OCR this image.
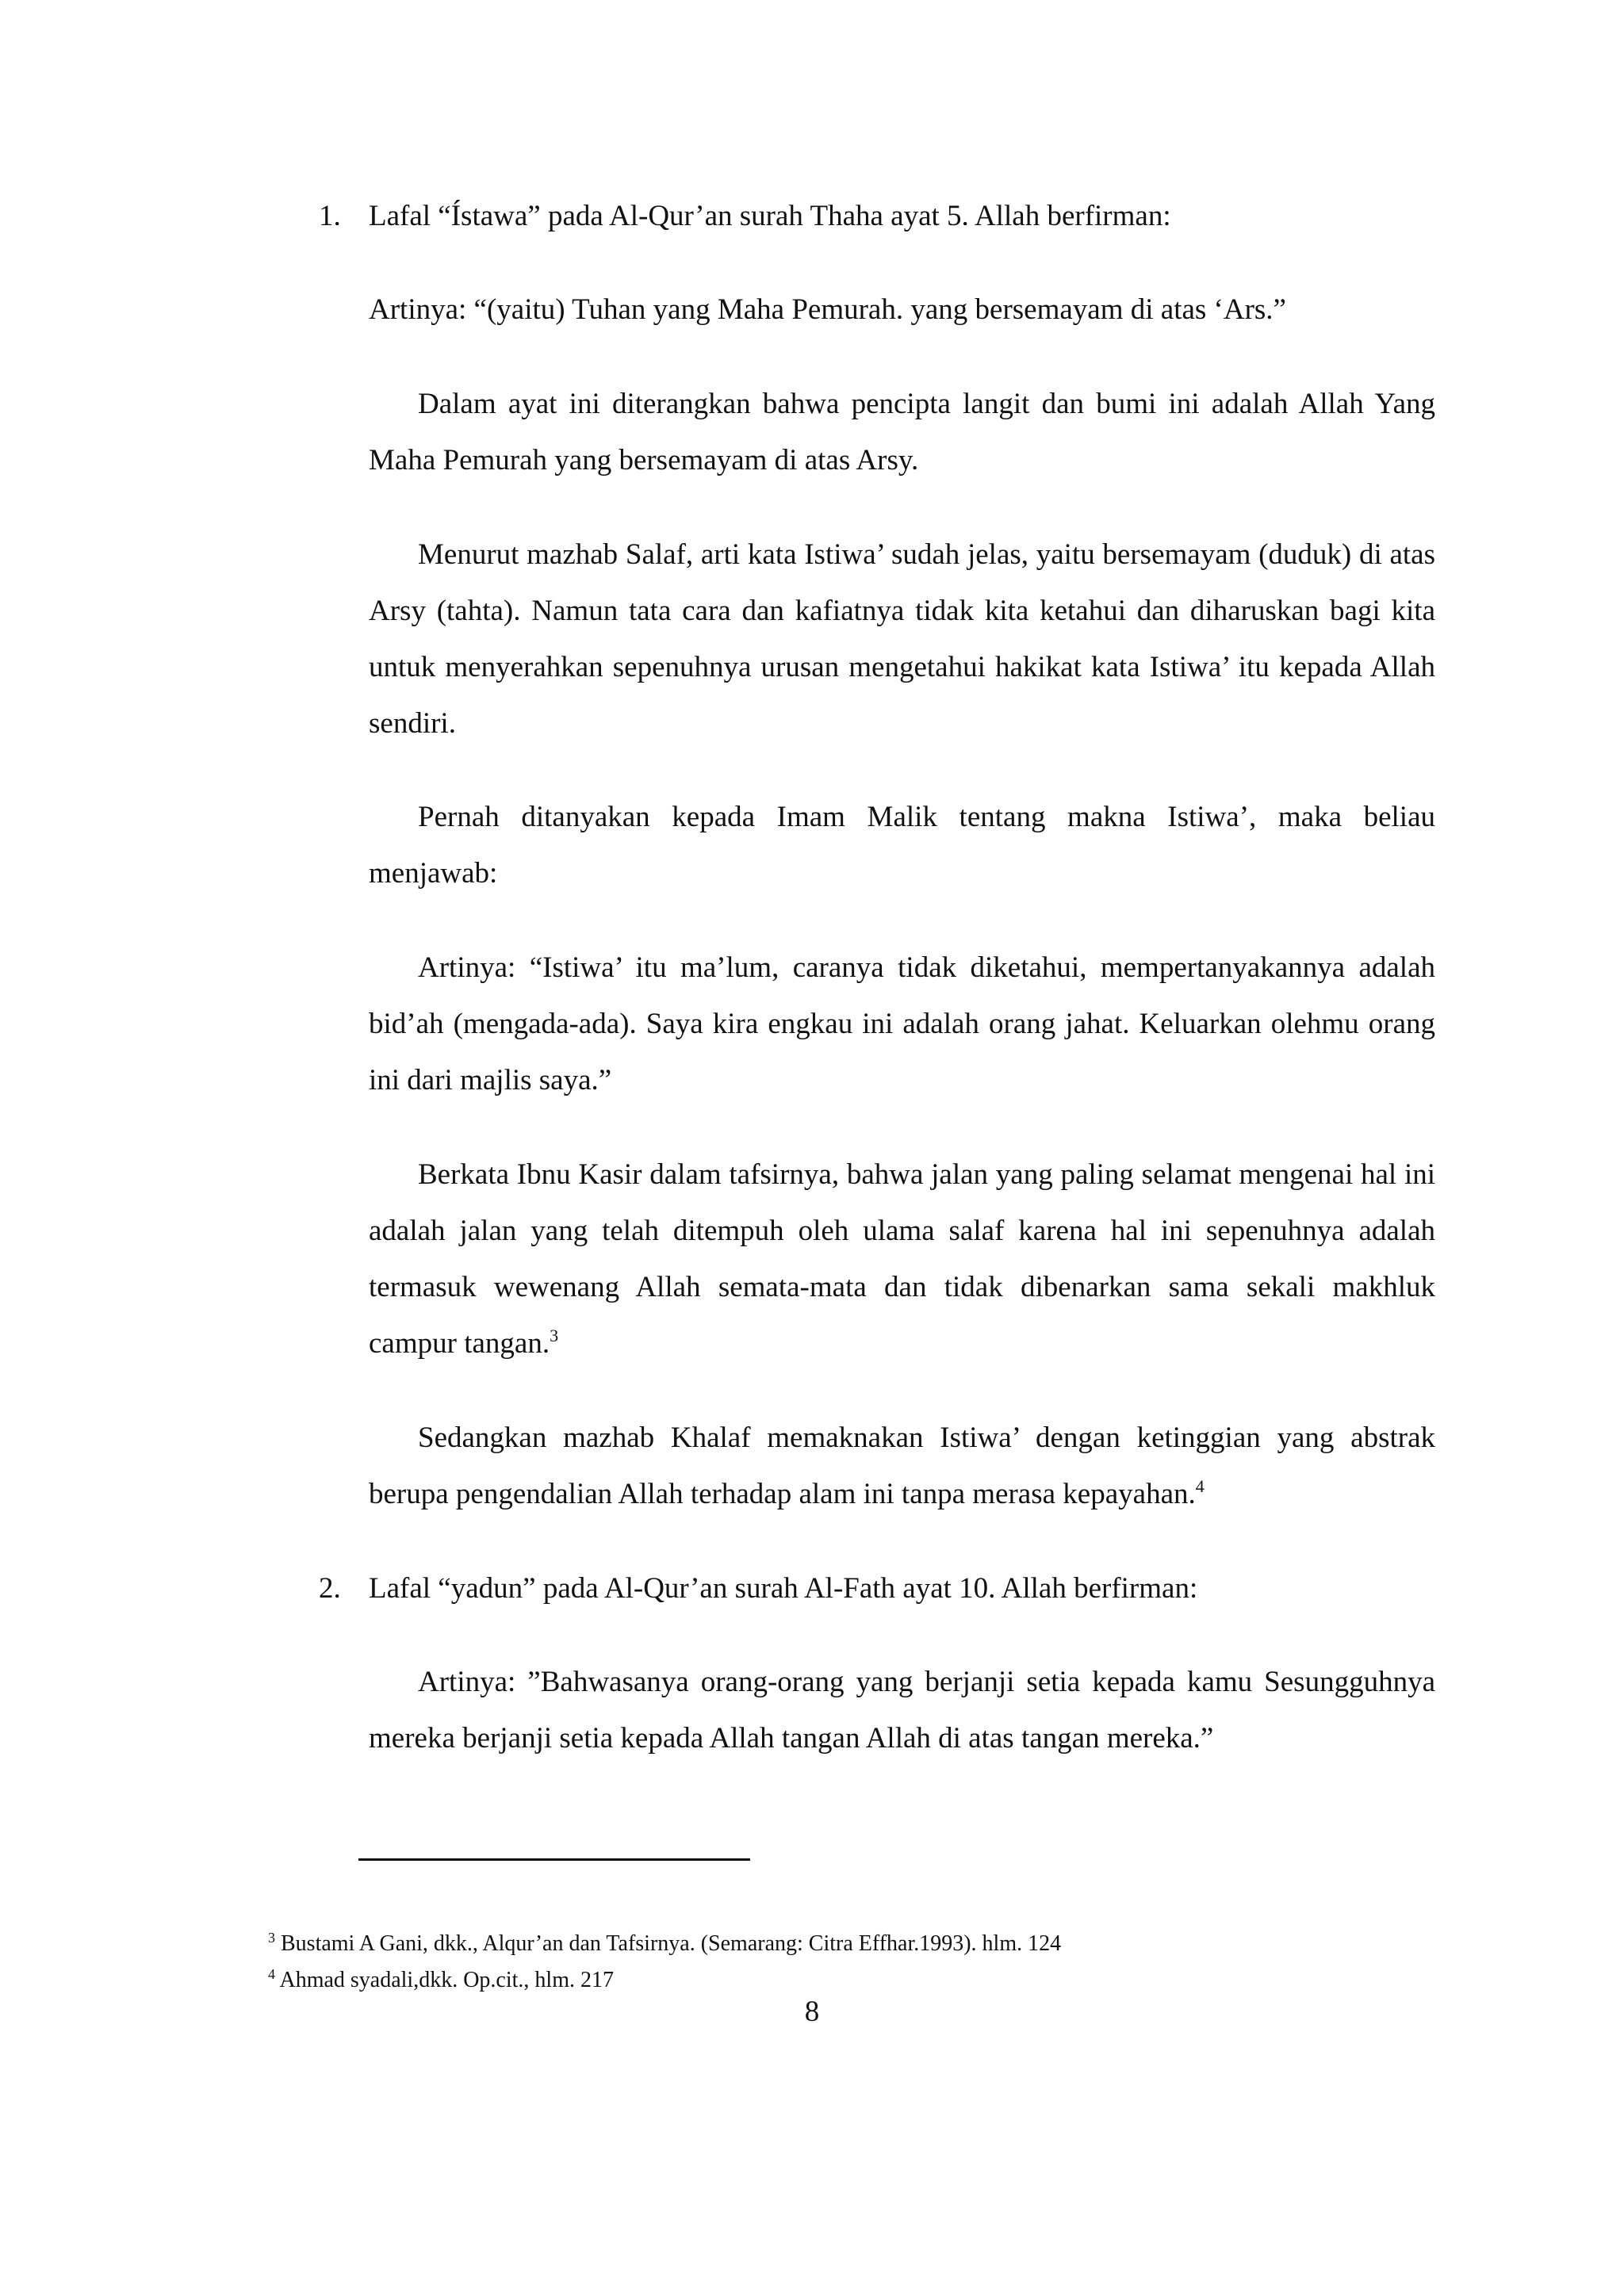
1. Lafal “Ístawa” pada Al-Qur’an surah Thaha ayat 5. Allah berfirman:
Artinya: “(yaitu) Tuhan yang Maha Pemurah. yang bersemayam di atas ‘Ars.”
Dalam ayat ini diterangkan bahwa pencipta langit dan bumi ini adalah Allah Yang Maha Pemurah yang bersemayam di atas Arsy.
Menurut mazhab Salaf, arti kata Istiwa’ sudah jelas, yaitu bersemayam (duduk) di atas Arsy (tahta). Namun tata cara dan kafiatnya tidak kita ketahui dan diharuskan bagi kita untuk menyerahkan sepenuhnya urusan mengetahui hakikat kata Istiwa’ itu kepada Allah sendiri.
Pernah ditanyakan kepada Imam Malik tentang makna Istiwa’, maka beliau menjawab:
Artinya: “Istiwa’ itu ma’lum, caranya tidak diketahui, mempertanyakannya adalah bid’ah (mengada-ada). Saya kira engkau ini adalah orang jahat. Keluarkan olehmu orang ini dari majlis saya.”
Berkata Ibnu Kasir dalam tafsirnya, bahwa jalan yang paling selamat mengenai hal ini adalah jalan yang telah ditempuh oleh ulama salaf karena hal ini sepenuhnya adalah termasuk wewenang Allah semata-mata dan tidak dibenarkan sama sekali makhluk campur tangan.$^3$
Sedangkan mazhab Khalaf memaknakan Istiwa’ dengan ketinggian yang abstrak berupa pengendalian Allah terhadap alam ini tanpa merasa kepayahan.$^4$
2. Lafal “yadun” pada Al-Qur’an surah Al-Fath ayat 10. Allah berfirman:
Artinya: ”Bahwasanya orang-orang yang berjanji setia kepada kamu Sesungguhnya mereka berjanji setia kepada Allah tangan Allah di atas tangan mereka.”
$^3$ Bustami A Gani, dkk., Alqur’an dan Tafsirnya. (Semarang: Citra Effhar.1993). hlm. 124
$^4$ Ahmad syadali,dkk. Op.cit., hlm. 217
8
